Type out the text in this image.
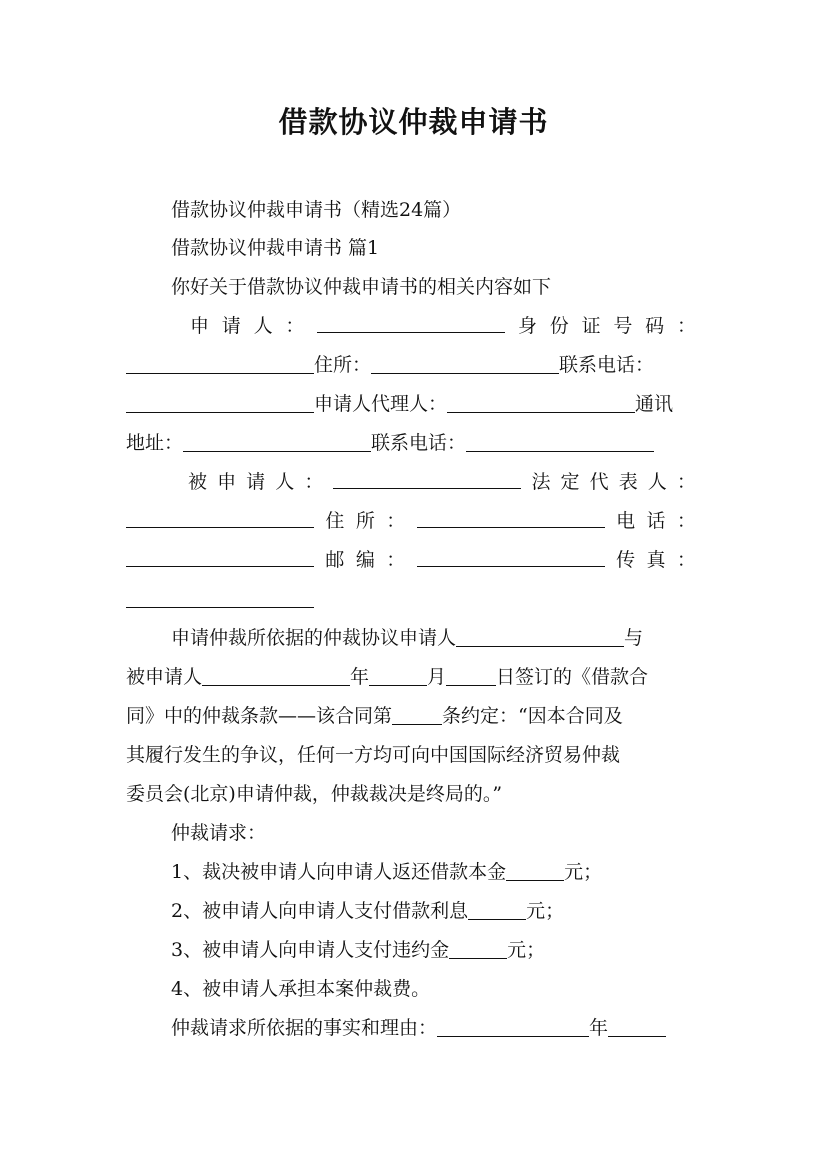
借款协议仲裁申请书
借款协议仲裁申请书（精选24篇）
借款协议仲裁申请书 篇1
你好关于借款协议仲裁申请书的相关内容如下
申 请 人 ：	身 份 证 号 码 ：
住所：	联系电话：
申请人代理人：	通讯
地址：	联系电话：
被 申 请 人 ：	法 定 代 表 人 ：
住 所 ：	电 话 ：
邮 编 ：	传 真 ：
申请仲裁所依据的仲裁协议申请人	与
被申请人	年	月	日签订的《借款合
同》中的仲裁条款——该合同第	条约定：“因本合同及
其履行发生的争议，任何一方均可向中国国际经济贸易仲裁
委员会(北京)申请仲裁，仲裁裁决是终局的。”
仲裁请求：
1、裁决被申请人向申请人返还借款本金	元；
2、被申请人向申请人支付借款利息	元；
3、被申请人向申请人支付违约金	元；
4、被申请人承担本案仲裁费。
仲裁请求所依据的事实和理由：	年
